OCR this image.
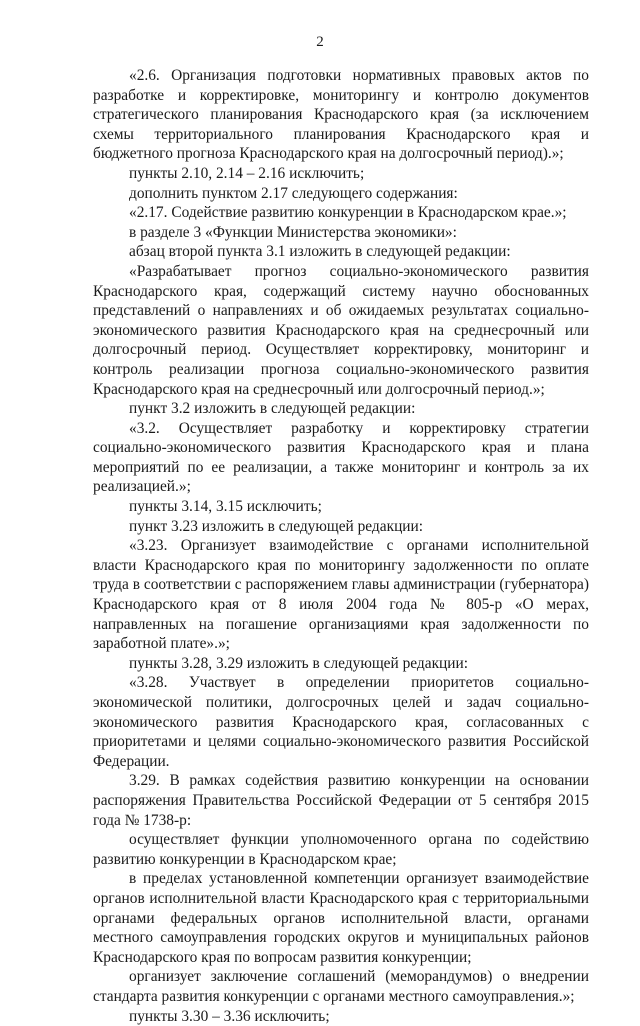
2

«2.6. Организация подготовки нормативных правовых актов по разработке и корректировке, мониторингу и контролю документов стратегического планирования Краснодарского края (за исключением схемы территориального планирования Краснодарского края и бюджетного прогноза Краснодарского края на долгосрочный период).»;

пункты 2.10, 2.14 – 2.16 исключить;

дополнить пунктом 2.17 следующего содержания:

«2.17. Содействие развитию конкуренции в Краснодарском крае.»;

в разделе 3 «Функции Министерства экономики»:

абзац второй пункта 3.1 изложить в следующей редакции:

«Разрабатывает прогноз социально-экономического развития Краснодарского края, содержащий систему научно обоснованных представлений о направлениях и об ожидаемых результатах социально-экономического развития Краснодарского края на среднесрочный или долгосрочный период. Осуществляет корректировку, мониторинг и контроль реализации прогноза социально-экономического развития Краснодарского края на среднесрочный или долгосрочный период.»;

пункт 3.2 изложить в следующей редакции:

«3.2. Осуществляет разработку и корректировку стратегии социально-экономического развития Краснодарского края и плана мероприятий по ее реализации, а также мониторинг и контроль за их реализацией.»;

пункты 3.14, 3.15 исключить;

пункт 3.23 изложить в следующей редакции:

«3.23. Организует взаимодействие с органами исполнительной власти Краснодарского края по мониторингу задолженности по оплате труда в соответствии с распоряжением главы администрации (губернатора) Краснодарского края от 8 июля 2004 года № 805-р «О мерах, направленных на погашение организациями края задолженности по заработной плате».»;

пункты 3.28, 3.29 изложить в следующей редакции:

«3.28. Участвует в определении приоритетов социально-экономической политики, долгосрочных целей и задач социально-экономического развития Краснодарского края, согласованных с приоритетами и целями социально-экономического развития Российской Федерации.

3.29. В рамках содействия развитию конкуренции на основании распоряжения Правительства Российской Федерации от 5 сентября 2015 года № 1738-р:

осуществляет функции уполномоченного органа по содействию развитию конкуренции в Краснодарском крае;

в пределах установленной компетенции организует взаимодействие органов исполнительной власти Краснодарского края с территориальными органами федеральных органов исполнительной власти, органами местного самоуправления городских округов и муниципальных районов Краснодарского края по вопросам развития конкуренции;

организует заключение соглашений (меморандумов) о внедрении стандарта развития конкуренции с органами местного самоуправления.»;

пункты 3.30 – 3.36 исключить;
